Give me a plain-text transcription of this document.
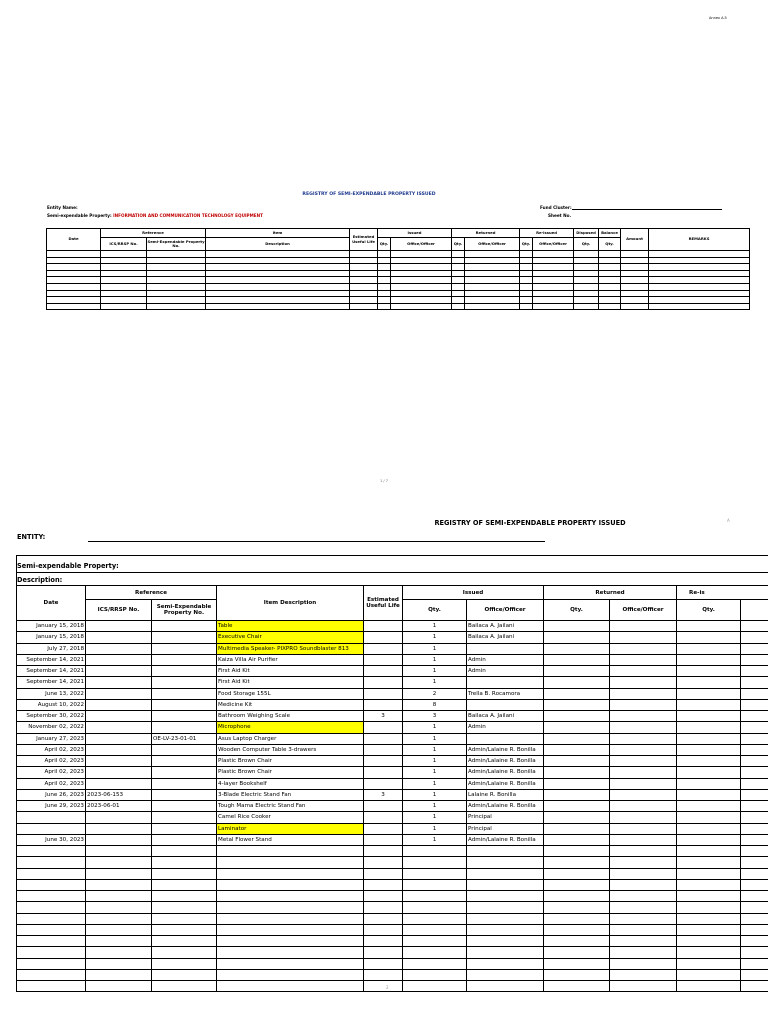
Annex A.5
REGISTRY OF SEMI-EXPENDABLE PROPERTY ISSUED
Entity Name:	Fund Cluster:
Semi-expendable Property: INFORMATION AND COMMUNICATION TECHNOLOGY EQUIPMENT	Sheet No.
Date	Reference		Item	Estimated Useful Life	Issued		Returned		Re-issued		Disposed	Balance	Amount	REMARKS
	ICS/RRSP No.	Semi-Expendable Property No.	Description		Qty.	Office/Officer	Qty.	Office/Officer	Qty.	Office/Officer	Qty.	Qty.		

1 / 7
REGISTRY OF SEMI-EXPENDABLE PROPERTY ISSUED	A
ENTITY:
Semi-expendable Property:
Description:
Date	Reference		Item Description	Estimated Useful Life	Issued		Returned		Re-is	
	ICS/RRSP No.	Semi-Expendable Property No.			Qty.	Office/Officer	Qty.	Office/Officer	Qty.	
January 15, 2018			Table		1	Bailaca A. Jailani				
January 15, 2018			Executive Chair		1	Bailaca A. Jailani				
July 27, 2018			Multimedia Speaker- PIXPRO Soundblaster 813		1					
September 14, 2021			Kaiza Villa Air Purifier		1	Admin				
September 14, 2021			First Aid Kit		1	Admin				
September 14, 2021			First Aid Kit		1					
June 13, 2022			Food Storage 155L		2	Trella B. Rocamora				
August 10, 2022			Medicine Kit		8					
September 30, 2022			Bathroom Weighing Scale	3	3	Bailaca A. Jailani				
November 02, 2022			Microphone		1	Admin				
January 27, 2023		OE-LV-23-01-01	Asus Laptop Charger		1					
April 02, 2023			Wooden Computer Table 3-drawers		1	Admin/Lalaine R. Bonilla				
April 02, 2023			Plastic Brown Chair		1	Admin/Lalaine R. Bonilla				
April 02, 2023			Plastic Brown Chair		1	Admin/Lalaine R. Bonilla				
April 02, 2023			4-layer Bookshelf		1	Admin/Lalaine R. Bonilla				
June 26, 2023	2023-06-153		3-Blade Electric Stand Fan	3	1	Lalaine R. Bonilla				
June 29, 2023	2023-06-01		Tough Mama Electric Stand Fan		1	Admin/Lalaine R. Bonilla				
			Camel Rice Cooker		1	Principal				
			Laminator		1	Principal				
June 30, 2023			Metal Flower Stand		1	Admin/Lalaine R. Bonilla				

2
